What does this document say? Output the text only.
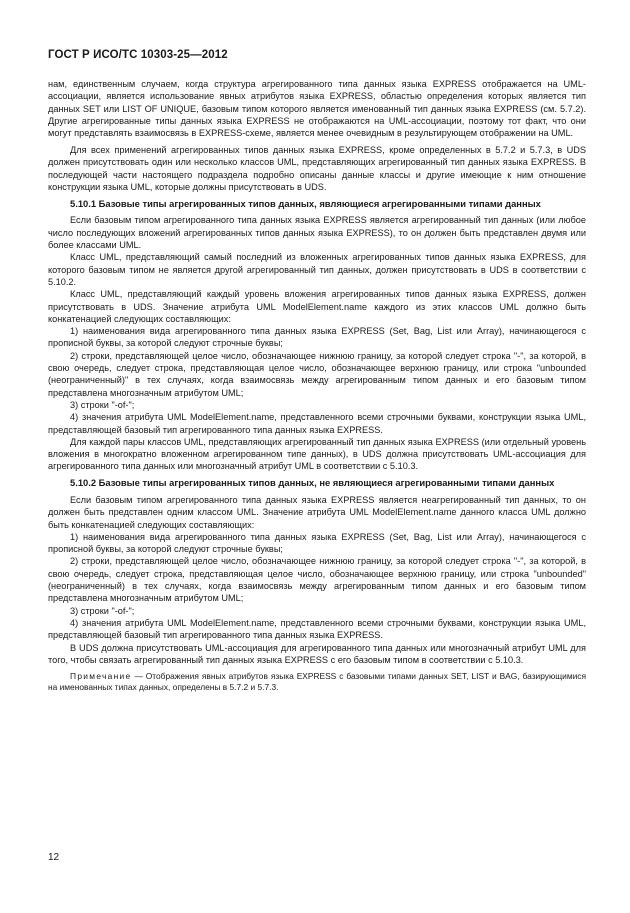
ГОСТ Р ИСО/ТС 10303-25—2012

нам, единственным случаем, когда структура агрегированного типа данных языка EXPRESS отображается на UML-ассоциации, является использование явных атрибутов языка EXPRESS, областью определения которых является тип данных SET или LIST OF UNIQUE, базовым типом которого является именованный тип данных языка EXPRESS (см. 5.7.2). Другие агрегированные типы данных языка EXPRESS не отображаются на UML-ассоциации, поэтому тот факт, что они могут представлять взаимосвязь в EXPRESS-схеме, является менее очевидным в результирующем отображении на UML.

Для всех применений агрегированных типов данных языка EXPRESS, кроме определенных в 5.7.2 и 5.7.3, в UDS должен присутствовать один или несколько классов UML, представляющих агрегированный тип данных языка EXPRESS. В последующей части настоящего подраздела подробно описаны данные классы и другие имеющие к ним отношение конструкции языка UML, которые должны присутствовать в UDS.

5.10.1 Базовые типы агрегированных типов данных, являющиеся агрегированными типами данных

Если базовым типом агрегированного типа данных языка EXPRESS является агрегированный тип данных (или любое число последующих вложений агрегированных типов данных языка EXPRESS), то он должен быть представлен двумя или более классами UML.

Класс UML, представляющий самый последний из вложенных агрегированных типов данных языка EXPRESS, для которого базовым типом не является другой агрегированный тип данных, должен присутствовать в UDS в соответствии с 5.10.2.

Класс UML, представляющий каждый уровень вложения агрегированных типов данных языка EXPRESS, должен присутствовать в UDS. Значение атрибута UML ModelElement.name каждого из этих классов UML должно быть конкатенацией следующих составляющих:

1) наименования вида агрегированного типа данных языка EXPRESS (Set, Bag, List или Array), начинающегося с прописной буквы, за которой следуют строчные буквы;

2) строки, представляющей целое число, обозначающее нижнюю границу, за которой следует строка "-", за которой, в свою очередь, следует строка, представляющая целое число, обозначающее верхнюю границу, или строка "unbounded (неограниченный)" в тех случаях, когда взаимосвязь между агрегированным типом данных и его базовым типом представлена многозначным атрибутом UML;

3) строки "-of-";

4) значения атрибута UML ModelElement.name, представленного всеми строчными буквами, конструкции языка UML, представляющей базовый тип агрегированного типа данных языка EXPRESS.

Для каждой пары классов UML, представляющих агрегированный тип данных языка EXPRESS (или отдельный уровень вложения в многократно вложенном агрегированном типе данных), в UDS должна присутствовать UML-ассоциация для агрегированного типа данных или многозначный атрибут UML в соответствии с 5.10.3.

5.10.2 Базовые типы агрегированных типов данных, не являющиеся агрегированными типами данных

Если базовым типом агрегированного типа данных языка EXPRESS является неагрегированный тип данных, то он должен быть представлен одним классом UML. Значение атрибута UML ModelElement.name данного класса UML должно быть конкатенацией следующих составляющих:

1) наименования вида агрегированного типа данных языка EXPRESS (Set, Bag, List или Array), начинающегося с прописной буквы, за которой следуют строчные буквы;

2) строки, представляющей целое число, обозначающее нижнюю границу, за которой следует строка "-", за которой, в свою очередь, следует строка, представляющая целое число, обозначающее верхнюю границу, или строка "unbounded" (неограниченный) в тех случаях, когда взаимосвязь между агрегированным типом данных и его базовым типом представлена многозначным атрибутом UML;

3) строки "-of-";

4) значения атрибута UML ModelElement.name, представленного всеми строчными буквами, конструкции языка UML, представляющей базовый тип агрегированного типа данных языка EXPRESS.

В UDS должна присутствовать UML-ассоциация для агрегированного типа данных или многозначный атрибут UML для того, чтобы связать агрегированный тип данных языка EXPRESS с его базовым типом в соответствии с 5.10.3.

Примечание — Отображения явных атрибутов языка EXPRESS с базовыми типами данных SET, LIST и BAG, базирующимися на именованных типах данных, определены в 5.7.2 и 5.7.3.

12
